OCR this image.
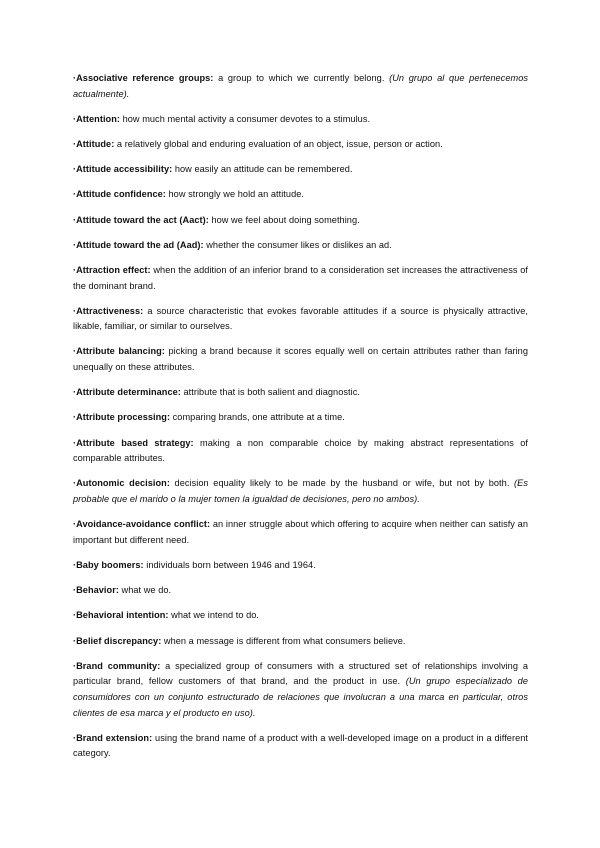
·Associative reference groups: a group to which we currently belong. (Un grupo al que pertenecemos actualmente).

·Attention: how much mental activity a consumer devotes to a stimulus.

·Attitude: a relatively global and enduring evaluation of an object, issue, person or action.

·Attitude accessibility: how easily an attitude can be remembered.

·Attitude confidence: how strongly we hold an attitude.

·Attitude toward the act (Aact): how we feel about doing something.

·Attitude toward the ad (Aad): whether the consumer likes or dislikes an ad.

·Attraction effect: when the addition of an inferior brand to a consideration set increases the attractiveness of the dominant brand.

·Attractiveness: a source characteristic that evokes favorable attitudes if a source is physically attractive, likable, familiar, or similar to ourselves.

·Attribute balancing: picking a brand because it scores equally well on certain attributes rather than faring unequally on these attributes.

·Attribute determinance: attribute that is both salient and diagnostic.

·Attribute processing: comparing brands, one attribute at a time.

·Attribute based strategy: making a non comparable choice by making abstract representations of comparable attributes.

·Autonomic decision: decision equality likely to be made by the husband or wife, but not by both. (Es probable que el marido o la mujer tomen la igualdad de decisiones, pero no ambos).

·Avoidance-avoidance conflict: an inner struggle about which offering to acquire when neither can satisfy an important but different need.

·Baby boomers: individuals born between 1946 and 1964.

·Behavior: what we do.

·Behavioral intention: what we intend to do.

·Belief discrepancy: when a message is different from what consumers believe.

·Brand community: a specialized group of consumers with a structured set of relationships involving a particular brand, fellow customers of that brand, and the product in use. (Un grupo especializado de consumidores con un conjunto estructurado de relaciones que involucran a una marca en particular, otros clientes de esa marca y el producto en uso).

·Brand extension: using the brand name of a product with a well-developed image on a product in a different category.
